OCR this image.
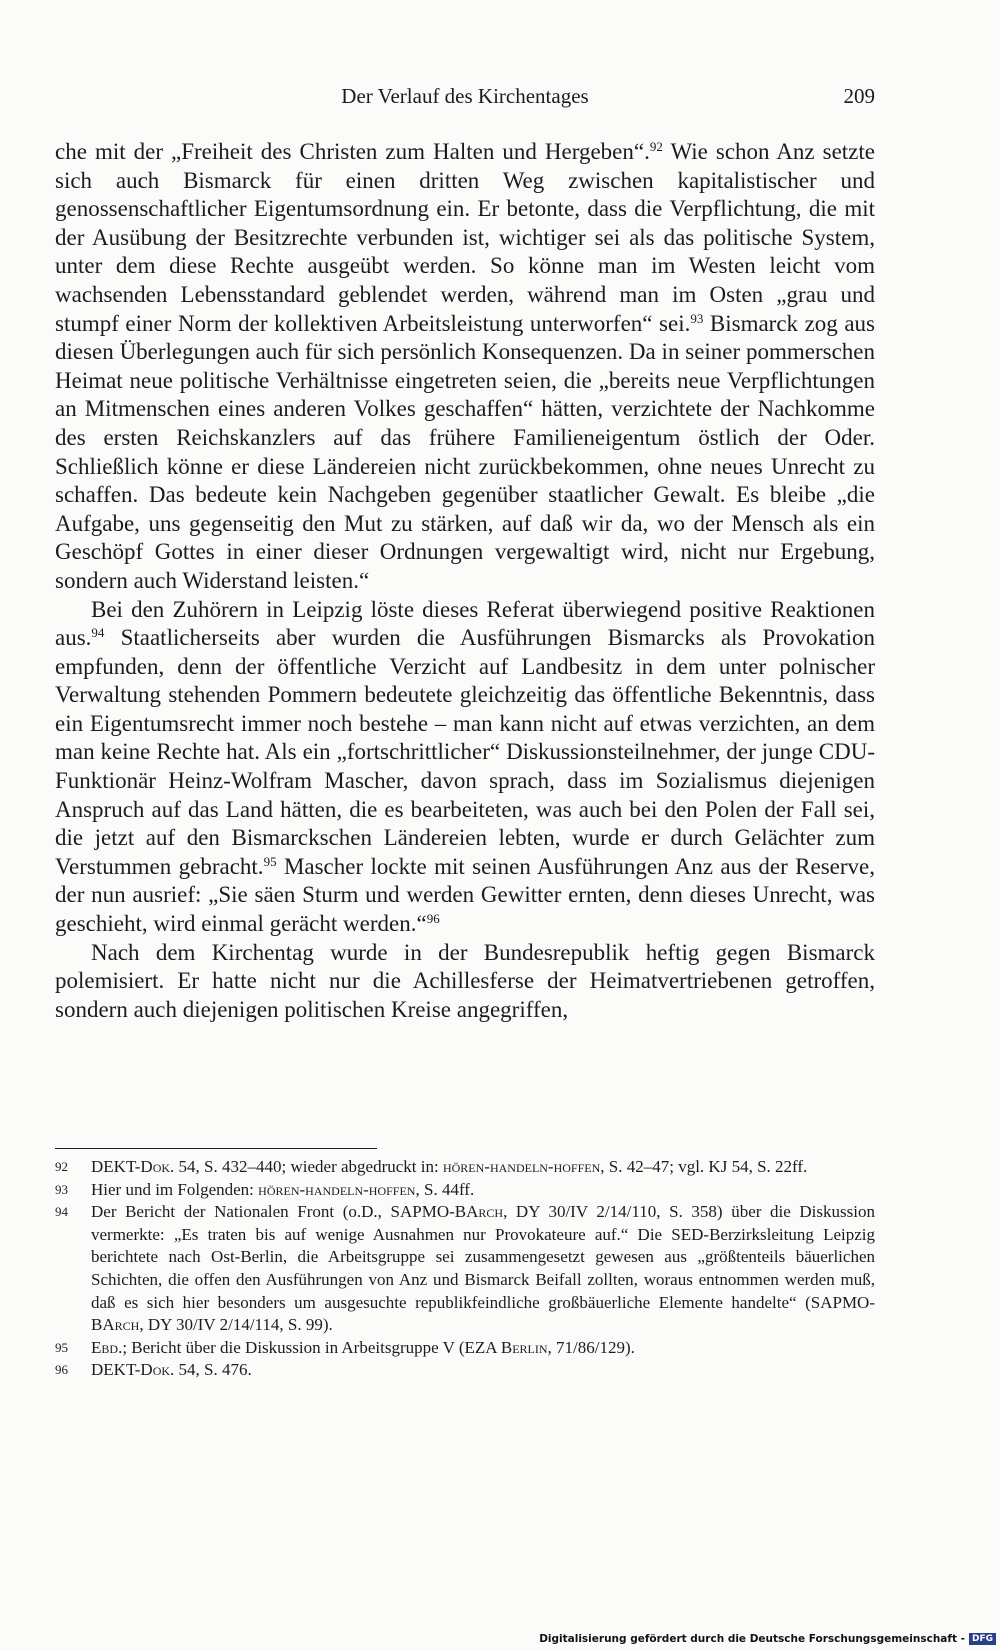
Der Verlauf des Kirchentages	209

che mit der „Freiheit des Christen zum Halten und Hergeben“.$^{92}$ Wie schon Anz setzte sich auch Bismarck für einen dritten Weg zwischen kapitalistischer und genossenschaftlicher Eigentumsordnung ein. Er betonte, dass die Verpflichtung, die mit der Ausübung der Besitzrechte verbunden ist, wichtiger sei als das politische System, unter dem diese Rechte ausgeübt werden. So könne man im Westen leicht vom wachsenden Lebensstandard geblendet werden, während man im Osten „grau und stumpf einer Norm der kollektiven Arbeitsleistung unterworfen“ sei.$^{93}$ Bismarck zog aus diesen Überlegungen auch für sich persönlich Konsequenzen. Da in seiner pommerschen Heimat neue politische Verhältnisse eingetreten seien, die „bereits neue Verpflichtungen an Mitmenschen eines anderen Volkes geschaffen“ hätten, verzichtete der Nachkomme des ersten Reichskanzlers auf das frühere Familieneigentum östlich der Oder. Schließlich könne er diese Ländereien nicht zurückbekommen, ohne neues Unrecht zu schaffen. Das bedeute kein Nachgeben gegenüber staatlicher Gewalt. Es bleibe „die Aufgabe, uns gegenseitig den Mut zu stärken, auf daß wir da, wo der Mensch als ein Geschöpf Gottes in einer dieser Ordnungen vergewaltigt wird, nicht nur Ergebung, sondern auch Widerstand leisten.“

Bei den Zuhörern in Leipzig löste dieses Referat überwiegend positive Reaktionen aus.$^{94}$ Staatlicherseits aber wurden die Ausführungen Bismarcks als Provokation empfunden, denn der öffentliche Verzicht auf Landbesitz in dem unter polnischer Verwaltung stehenden Pommern bedeutete gleichzeitig das öffentliche Bekenntnis, dass ein Eigentumsrecht immer noch bestehe – man kann nicht auf etwas verzichten, an dem man keine Rechte hat. Als ein „fortschrittlicher“ Diskussionsteilnehmer, der junge CDU-Funktionär Heinz-Wolfram Mascher, davon sprach, dass im Sozialismus diejenigen Anspruch auf das Land hätten, die es bearbeiteten, was auch bei den Polen der Fall sei, die jetzt auf den Bismarckschen Ländereien lebten, wurde er durch Gelächter zum Verstummen gebracht.$^{95}$ Mascher lockte mit seinen Ausführungen Anz aus der Reserve, der nun ausrief: „Sie säen Sturm und werden Gewitter ernten, denn dieses Unrecht, was geschieht, wird einmal gerächt werden.“$^{96}$

Nach dem Kirchentag wurde in der Bundesrepublik heftig gegen Bismarck polemisiert. Er hatte nicht nur die Achillesferse der Heimatvertriebenen getroffen, sondern auch diejenigen politischen Kreise angegriffen,

92 DEKT-Dok. 54, S. 432–440; wieder abgedruckt in: hören-handeln-hoffen, S. 42–47; vgl. KJ 54, S. 22ff.
93 Hier und im Folgenden: hören-handeln-hoffen, S. 44ff.
94 Der Bericht der Nationalen Front (o.D., SAPMO-BArch, DY 30/IV 2/14/110, S. 358) über die Diskussion vermerkte: „Es traten bis auf wenige Ausnahmen nur Provokateure auf.“ Die SED-Berzirksleitung Leipzig berichtete nach Ost-Berlin, die Arbeitsgruppe sei zusammengesetzt gewesen aus „größtenteils bäuerlichen Schichten, die offen den Ausführungen von Anz und Bismarck Beifall zollten, woraus entnommen werden muß, daß es sich hier besonders um ausgesuchte republikfeindliche großbäuerliche Elemente handelte“ (SAPMO-BArch, DY 30/IV 2/14/114, S. 99).
95 Ebd.; Bericht über die Diskussion in Arbeitsgruppe V (EZA Berlin, 71/86/129).
96 DEKT-Dok. 54, S. 476.
Digitalisierung gefördert durch die Deutsche Forschungsgemeinschaft - DFG
